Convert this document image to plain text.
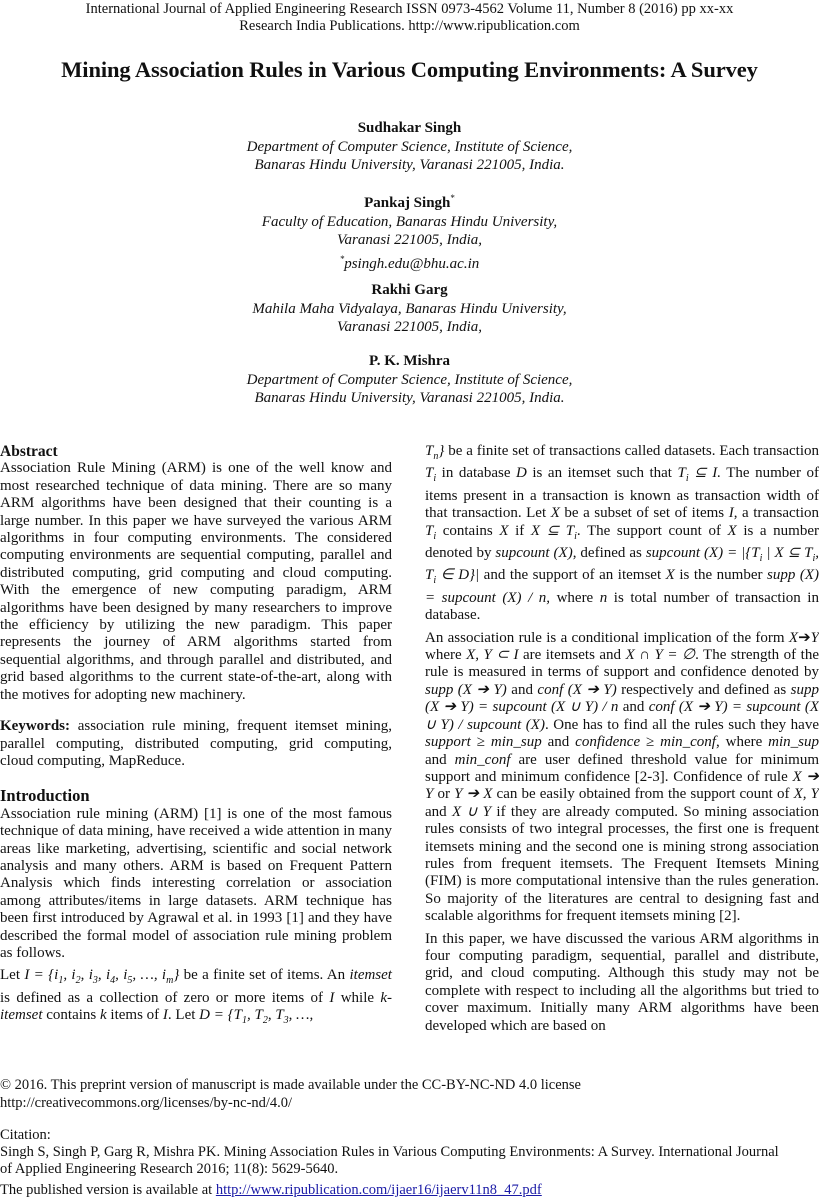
International Journal of Applied Engineering Research ISSN 0973-4562 Volume 11, Number 8 (2016) pp xx-xx
Research India Publications. http://www.ripublication.com
Mining Association Rules in Various Computing Environments: A Survey
Sudhakar Singh
Department of Computer Science, Institute of Science,
Banaras Hindu University, Varanasi 221005, India.
Pankaj Singh*
Faculty of Education, Banaras Hindu University,
Varanasi 221005, India,
*psingh.edu@bhu.ac.in
Rakhi Garg
Mahila Maha Vidyalaya, Banaras Hindu University,
Varanasi 221005, India,
P. K. Mishra
Department of Computer Science, Institute of Science,
Banaras Hindu University, Varanasi 221005, India.

Abstract

Association Rule Mining (ARM) is one of the well know and most researched technique of data mining. There are so many ARM algorithms have been designed that their counting is a large number. In this paper we have surveyed the various ARM algorithms in four computing environments. The considered computing environments are sequential computing, parallel and distributed computing, grid computing and cloud computing. With the emergence of new computing paradigm, ARM algorithms have been designed by many researchers to improve the efficiency by utilizing the new paradigm. This paper represents the journey of ARM algorithms started from sequential algorithms, and through parallel and distributed, and grid based algorithms to the current state-of-the-art, along with the motives for adopting new machinery.

Keywords: association rule mining, frequent itemset mining, parallel computing, distributed computing, grid computing, cloud computing, MapReduce.

Introduction

Association rule mining (ARM) [1] is one of the most famous technique of data mining, have received a wide attention in many areas like marketing, advertising, scientific and social network analysis and many others. ARM is based on Frequent Pattern Analysis which finds interesting correlation or association among attributes/items in large datasets. ARM technique has been first introduced by Agrawal et al. in 1993 [1] and they have described the formal model of association rule mining problem as follows.

Let $I = \{i_1$, $i_2$, $i_3$, $i_4$, $i_5$, …, $i_m$} be a finite set of items. An itemset is defined as a collection of zero or more items of I while k-itemset contains k items of I. Let $D = \{T_1$, $T_2$, $T_3$, …,

$T_n$} be a finite set of transactions called datasets. Each transaction $T_i$ in database D is an itemset such that $T_i$ ⊆ I. The number of items present in a transaction is known as transaction width of that transaction. Let X be a subset of set of items I, a transaction $T_i$ contains X if X ⊆ $T_i$. The support count of X is a number denoted by supcount (X), defined as supcount $(X) = |\{T_i$ | X ⊆ $T_i$, $T_i$ ∈ D}| and the support of an itemset X is the number supp (X) = supcount (X) / n, where n is total number of transaction in database.

An association rule is a conditional implication of the form X➔Y where X, Y ⊂ I are itemsets and X ∩ Y = ∅. The strength of the rule is measured in terms of support and confidence denoted by supp (X ➔ Y) and conf (X ➔ Y) respectively and defined as supp (X ➔ Y) = supcount (X ∪ Y) / n and conf (X ➔ Y) = supcount (X ∪ Y) / supcount (X). One has to find all the rules such they have support ≥ min_sup and confidence ≥ min_conf, where min_sup and min_conf are user defined threshold value for minimum support and minimum confidence [2-3]. Confidence of rule X ➔ Y or Y ➔ X can be easily obtained from the support count of X, Y and X ∪ Y if they are already computed. So mining association rules consists of two integral processes, the first one is frequent itemsets mining and the second one is mining strong association rules from frequent itemsets. The Frequent Itemsets Mining (FIM) is more computational intensive than the rules generation. So majority of the literatures are central to designing fast and scalable algorithms for frequent itemsets mining [2].

In this paper, we have discussed the various ARM algorithms in four computing paradigm, sequential, parallel and distribute, grid, and cloud computing. Although this study may not be complete with respect to including all the algorithms but tried to cover maximum. Initially many ARM algorithms have been developed which are based on

© 2016. This preprint version of manuscript is made available under the CC-BY-NC-ND 4.0 license
http://creativecommons.org/licenses/by-nc-nd/4.0/
Citation:
Singh S, Singh P, Garg R, Mishra PK. Mining Association Rules in Various Computing Environments: A Survey. International Journal
of Applied Engineering Research 2016; 11(8): 5629-5640.
The published version is available at http://www.ripublication.com/ijaer16/ijaerv11n8_47.pdf
